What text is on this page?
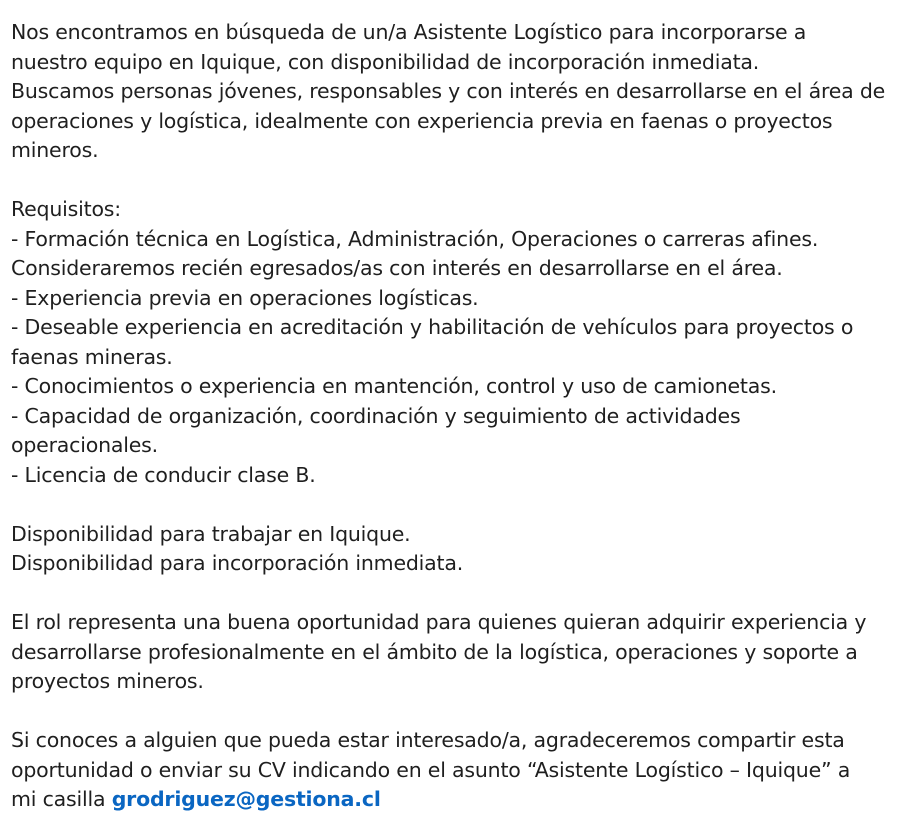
Nos encontramos en búsqueda de un/a Asistente Logístico para incorporarse a
nuestro equipo en Iquique, con disponibilidad de incorporación inmediata.
Buscamos personas jóvenes, responsables y con interés en desarrollarse en el área de
operaciones y logística, idealmente con experiencia previa en faenas o proyectos
mineros.

Requisitos:
- Formación técnica en Logística, Administración, Operaciones o carreras afines.
Consideraremos recién egresados/as con interés en desarrollarse en el área.
- Experiencia previa en operaciones logísticas.
- Deseable experiencia en acreditación y habilitación de vehículos para proyectos o
faenas mineras.
- Conocimientos o experiencia en mantención, control y uso de camionetas.
- Capacidad de organización, coordinación y seguimiento de actividades
operacionales.
- Licencia de conducir clase B.

Disponibilidad para trabajar en Iquique.
Disponibilidad para incorporación inmediata.

El rol representa una buena oportunidad para quienes quieran adquirir experiencia y
desarrollarse profesionalmente en el ámbito de la logística, operaciones y soporte a
proyectos mineros.

Si conoces a alguien que pueda estar interesado/a, agradeceremos compartir esta
oportunidad o enviar su CV indicando en el asunto “Asistente Logístico – Iquique” a
mi casilla grodriguez@gestiona.cl
